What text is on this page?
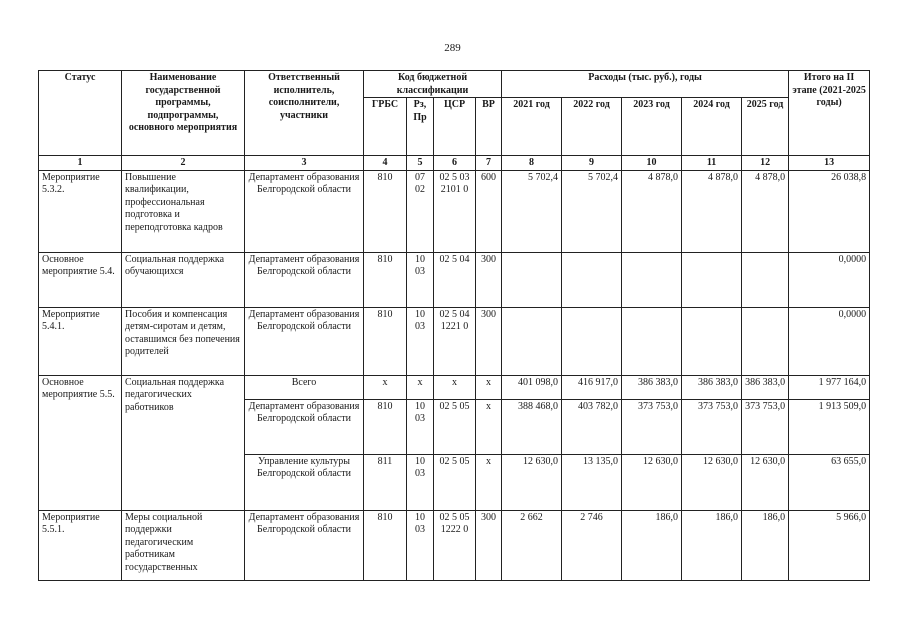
289
Статус	Наименование государственной программы, подпрограммы, основного мероприятия	Ответственный исполнитель, соисполнители, участники	Код бюджетной классификации				Расходы (тыс. руб.), годы					Итого на II этапе (2021-2025 годы)
			ГРБС	Рз, Пр	ЦСР	ВР	2021 год	2022 год	2023 год	2024 год	2025 год	
1	2	3	4	5	6	7	8	9	10	11	12	13
Мероприятие 5.3.2.	Повышение квалификации, профессиональная подготовка и переподготовка кадров	Департамент образования Белгородской области	810	07 02	02 5 03 2101 0	600	5 702,4	5 702,4	4 878,0	4 878,0	4 878,0	26 038,8
Основное мероприятие 5.4.	Социальная поддержка обучающихся	Департамент образования Белгородской области	810	10 03	02 5 04	300						0,0000
Мероприятие 5.4.1.	Пособия и компенсация детям-сиротам и детям, оставшимся без попечения родителей	Департамент образования Белгородской области	810	10 03	02 5 04 1221 0	300						0,0000
Основное мероприятие 5.5.	Социальная поддержка педагогических работников	Всего	х	х	х	х	401 098,0	416 917,0	386 383,0	386 383,0	386 383,0	1 977 164,0
		Департамент образования Белгородской области	810	10 03	02 5 05	х	388 468,0	403 782,0	373 753,0	373 753,0	373 753,0	1 913 509,0
		Управление культуры Белгородской области	811	10 03	02 5 05	х	12 630,0	13 135,0	12 630,0	12 630,0	12 630,0	63 655,0
Мероприятие 5.5.1.	Меры социальной поддержки педагогическим работникам государственных	Департамент образования Белгородской области	810	10 03	02 5 05 1222 0	300	2 662	2 746	186,0	186,0	186,0	5 966,0
